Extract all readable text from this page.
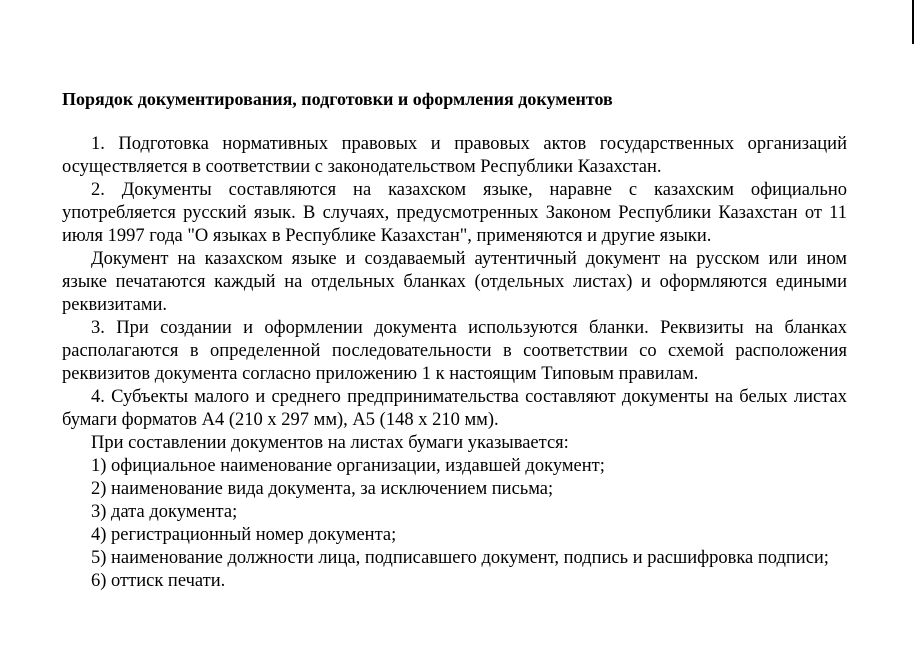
Порядок документирования, подготовки и оформления документов

1. Подготовка нормативных правовых и правовых актов государственных организаций осуществляется в соответствии с законодательством Республики Казахстан.

2. Документы составляются на казахском языке, наравне с казахским официально употребляется русский язык. В случаях, предусмотренных Законом Республики Казахстан от 11 июля 1997 года "О языках в Республике Казахстан", применяются и другие языки.

Документ на казахском языке и создаваемый аутентичный документ на русском или ином языке печатаются каждый на отдельных бланках (отдельных листах) и оформляются едиными реквизитами.

3. При создании и оформлении документа используются бланки. Реквизиты на бланках располагаются в определенной последовательности в соответствии со схемой расположения реквизитов документа согласно приложению 1 к настоящим Типовым правилам.

4. Субъекты малого и среднего предпринимательства составляют документы на белых листах бумаги форматов А4 (210 х 297 мм), А5 (148 х 210 мм).

При составлении документов на листах бумаги указывается:

1) официальное наименование организации, издавшей документ;

2) наименование вида документа, за исключением письма;

3) дата документа;

4) регистрационный номер документа;

5) наименование должности лица, подписавшего документ, подпись и расшифровка подписи;

6) оттиск печати.
